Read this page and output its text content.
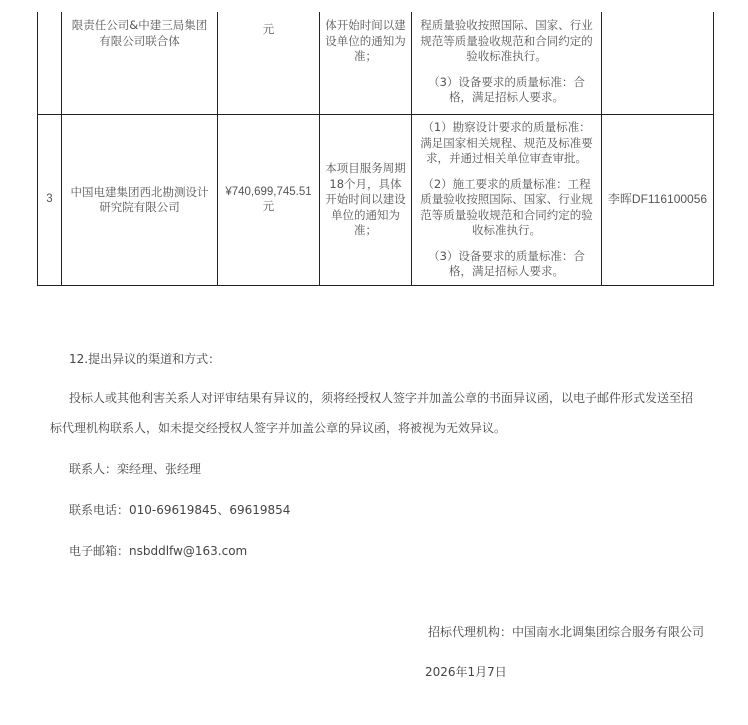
	限责任公司&中建三局集团有限公司联合体	元	体开始时间以建设单位的通知为准；	程质量验收按照国际、国家、行业规范等质量验收规范和合同约定的验收标准执行。

（3）设备要求的质量标准：合格，满足招标人要求。	

3	中国电建集团西北勘测设计研究院有限公司	¥740,699,745.51元	本项目服务周期18个月，具体开始时间以建设单位的通知为准；	（1）勘察设计要求的质量标准：满足国家相关规程、规范及标准要求，并通过相关单位审查审批。

（2）施工要求的质量标准：工程质量验收按照国际、国家、行业规范等质量验收规范和合同约定的验收标准执行。

（3）设备要求的质量标准：合格，满足招标人要求。	李晖DF116100056
12.提出异议的渠道和方式：
投标人或其他利害关系人对评审结果有异议的，须将经授权人签字并加盖公章的书面异议函，以电子邮件形式发送至招
标代理机构联系人，如未提交经授权人签字并加盖公章的异议函，将被视为无效异议。
联系人：栾经理、张经理
联系电话：010-69619845、69619854
电子邮箱：nsbddlfw@163.com
招标代理机构：中国南水北调集团综合服务有限公司
2026年1月7日
